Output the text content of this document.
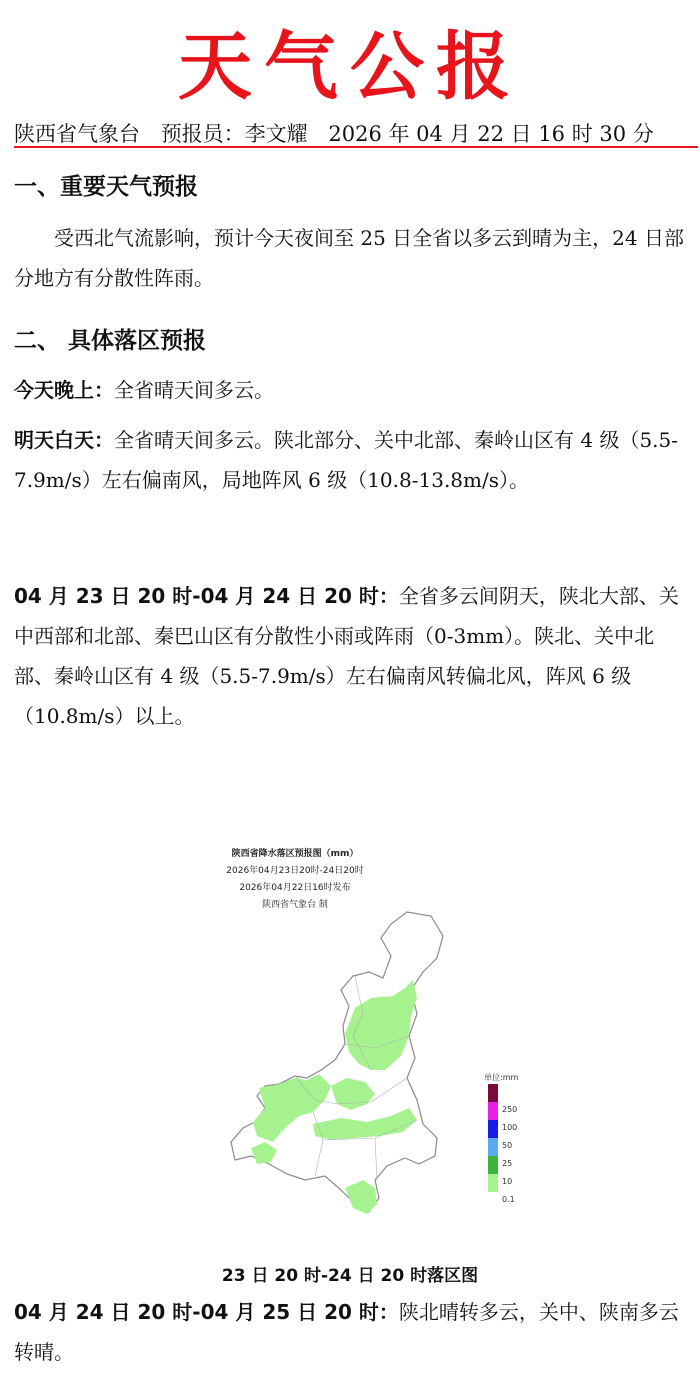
天气公报
陕西省气象台 预报员：李文耀 2026 年 04 月 22 日 16 时 30 分
一、重要天气预报
受西北气流影响，预计今天夜间至 25 日全省以多云到晴为主，24 日部分地方有分散性阵雨。
二、 具体落区预报
今天晚上：全省晴天间多云。
明天白天：全省晴天间多云。陕北部分、关中北部、秦岭山区有 4 级（5.5-7.9m/s）左右偏南风，局地阵风 6 级（10.8-13.8m/s）。
04 月 23 日 20 时-04 月 24 日 20 时：全省多云间阴天，陕北大部、关中西部和北部、秦巴山区有分散性小雨或阵雨（0-3mm）。陕北、关中北部、秦岭山区有 4 级（5.5-7.9m/s）左右偏南风转偏北风，阵风 6 级（10.8m/s）以上。
陕西省降水落区预报图（mm）
2026年04月23日20时-24日20时
2026年04月22日16时发布
陕西省气象台 制
单位:mm
250
100
50
25
10
0.1
23 日 20 时-24 日 20 时落区图
04 月 24 日 20 时-04 月 25 日 20 时：陕北晴转多云，关中、陕南多云转晴。
